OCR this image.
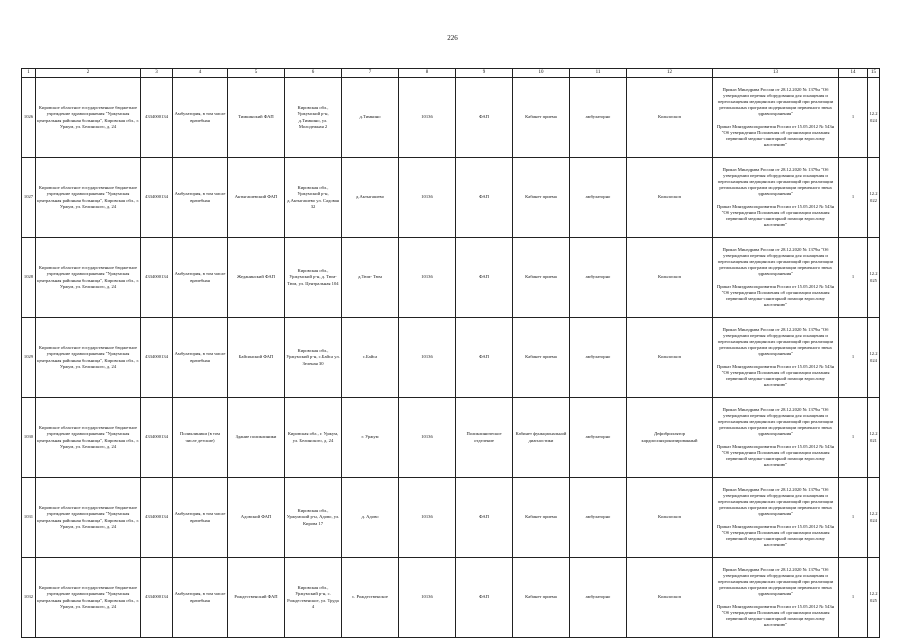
226
1	2	3	4	5	6	7	8	9	10	11	12	13	14	15
1026	Кировское областное государственное бюджетное учреждение здравоохранения "Уржумская центральная районная больница", Кировская обл., г. Уржум, ул. Белинского, д. 24	4334000134	Амбулатория, в том числе врачебная	Тимкинский ФАП	Кировская обл., Уржумский р-н, д.Тимкино, ул. Молодежная 2	д.Тимкино	10136	ФАП	Кабинет приема	амбулаторно	Кольпоскоп	Приказ Минздрава России от 28.12.2020 № 1379н "Об утверждении перечня оборудования для оснащения и переоснащения медицинских организаций при реализации региональных программ модернизации первичного звена здравоохранения"

Приказ Минздравсоцразвития России от 15.05.2012 № 543н "Об утверждении Положения об организации оказания первичной медико-санитарной помощи взрослому населению"	1	12.2024
1027	Кировское областное государственное бюджетное учреждение здравоохранения "Уржумская центральная районная больница", Кировская обл., г. Уржум, ул. Белинского, д. 24	4334000134	Амбулатория, в том числе врачебная	Актыгашевский ФАП	Кировская обл., Уржумский р-н, д.Актыгашево ул. Садовая 32	д.Актыгашево	10136	ФАП	Кабинет приема	амбулаторно	Кольпоскоп	Приказ Минздрава России от 28.12.2020 № 1379н "Об утверждении перечня оборудования для оснащения и переоснащения медицинских организаций при реализации региональных программ модернизации первичного звена здравоохранения"

Приказ Минздравсоцразвития России от 15.05.2012 № 543н "Об утверждении Положения об организации оказания первичной медико-санитарной помощи взрослому населению"	1	12.2022
1028	Кировское областное государственное бюджетное учреждение здравоохранения "Уржумская центральная районная больница", Кировская обл., г. Уржум, ул. Белинского, д. 24	4334000134	Амбулатория, в том числе врачебная	Жеданинский ФАП	Кировская обл., Уржумский р-н, д. Тюм- Тюм, ул. Центральная 104	д.Тюм- Тюм	10136	ФАП	Кабинет приема	амбулаторно	Кольпоскоп	Приказ Минздрава России от 28.12.2020 № 1379н "Об утверждении перечня оборудования для оснащения и переоснащения медицинских организаций при реализации региональных программ модернизации первичного звена здравоохранения"

Приказ Минздравсоцразвития России от 15.05.2012 № 543н "Об утверждении Положения об организации оказания первичной медико-санитарной помощи взрослому населению"	1	12.2025
1029	Кировское областное государственное бюджетное учреждение здравоохранения "Уржумская центральная районная больница", Кировская обл., г. Уржум, ул. Белинского, д. 24	4334000134	Амбулатория, в том числе врачебная	Байсинский ФАП	Кировская обл., Уржумский р-н, с.Байса ул. Зеленая 30	с.Байса	10136	ФАП	Кабинет приема	амбулаторно	Кольпоскоп	Приказ Минздрава России от 28.12.2020 № 1379н "Об утверждении перечня оборудования для оснащения и переоснащения медицинских организаций при реализации региональных программ модернизации первичного звена здравоохранения"

Приказ Минздравсоцразвития России от 15.05.2012 № 543н "Об утверждении Положения об организации оказания первичной медико-санитарной помощи взрослому населению"	1	12.2024
1030	Кировское областное государственное бюджетное учреждение здравоохранения "Уржумская центральная районная больница", Кировская обл., г. Уржум, ул. Белинского, д. 24	4334000134	Поликлиники (в том числе детские)	Здание поликлиники	Кировская обл., г. Уржум, ул. Белинского, д. 24	г. Уржум	10136	Поликлиническое отделение	Кабинет функциональной диагностики	амбулаторно	Дефибриллятор кардиосинхронизированный	Приказ Минздрава России от 28.12.2020 № 1379н "Об утверждении перечня оборудования для оснащения и переоснащения медицинских организаций при реализации региональных программ модернизации первичного звена здравоохранения"

Приказ Минздравсоцразвития России от 15.05.2012 № 543н "Об утверждении Положения об организации оказания первичной медико-санитарной помощи взрослому населению"	1	12.2021
1031	Кировское областное государственное бюджетное учреждение здравоохранения "Уржумская центральная районная больница", Кировская обл., г. Уржум, ул. Белинского, д. 24	4334000134	Амбулатория, в том числе врачебная	Адовский ФАП	Кировская обл., Уржумский р-н, Адово, ул. Кирова 17	д. Адово	10136	ФАП	Кабинет приема	амбулаторно	Кольпоскоп	Приказ Минздрава России от 28.12.2020 № 1379н "Об утверждении перечня оборудования для оснащения и переоснащения медицинских организаций при реализации региональных программ модернизации первичного звена здравоохранения"

Приказ Минздравсоцразвития России от 15.05.2012 № 543н "Об утверждении Положения об организации оказания первичной медико-санитарной помощи взрослому населению"	1	12.2024
1032	Кировское областное государственное бюджетное учреждение здравоохранения "Уржумская центральная районная больница", Кировская обл., г. Уржум, ул. Белинского, д. 24	4334000134	Амбулатория, в том числе врачебная	Рождественский ФАП	Кировская обл., Уржумский р-н, с. Рождественское, ул. Труда 4	с. Рождественское	10136	ФАП	Кабинет приема	амбулаторно	Кольпоскоп	Приказ Минздрава России от 28.12.2020 № 1379н "Об утверждении перечня оборудования для оснащения и переоснащения медицинских организаций при реализации региональных программ модернизации первичного звена здравоохранения"

Приказ Минздравсоцразвития России от 15.05.2012 № 543н "Об утверждении Положения об организации оказания первичной медико-санитарной помощи взрослому населению"	1	12.2025
